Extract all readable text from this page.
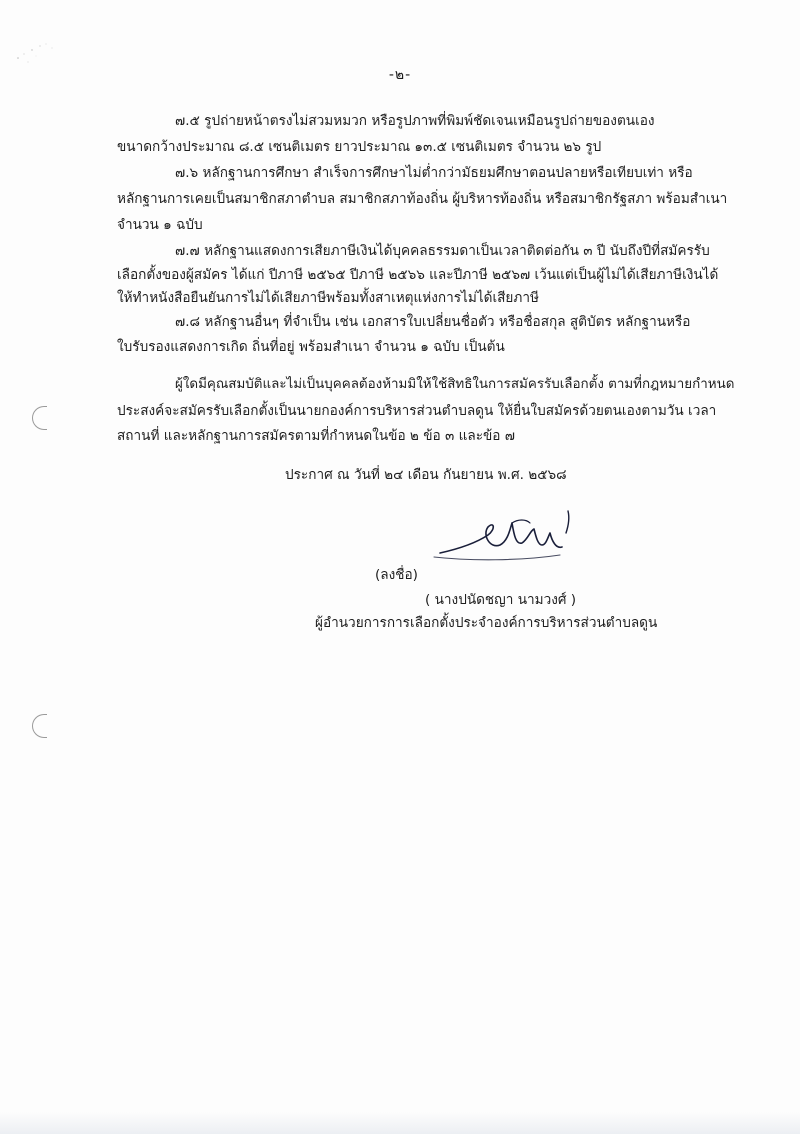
-๒-
๗.๕ รูปถ่ายหน้าตรงไม่สวมหมวก หรือรูปภาพที่พิมพ์ชัดเจนเหมือนรูปถ่ายของตนเอง
ขนาดกว้างประมาณ ๘.๕ เซนติเมตร ยาวประมาณ ๑๓.๕ เซนติเมตร จำนวน ๒๖ รูป
๗.๖ หลักฐานการศึกษา สำเร็จการศึกษาไม่ต่ำกว่ามัธยมศึกษาตอนปลายหรือเทียบเท่า หรือ
หลักฐานการเคยเป็นสมาชิกสภาตำบล สมาชิกสภาท้องถิ่น ผู้บริหารท้องถิ่น หรือสมาชิกรัฐสภา พร้อมสำเนา
จำนวน ๑ ฉบับ
๗.๗ หลักฐานแสดงการเสียภาษีเงินได้บุคคลธรรมดาเป็นเวลาติดต่อกัน ๓ ปี นับถึงปีที่สมัครรับ
เลือกตั้งของผู้สมัคร ได้แก่ ปีภาษี ๒๕๖๕ ปีภาษี ๒๕๖๖ และปีภาษี ๒๕๖๗ เว้นแต่เป็นผู้ไม่ได้เสียภาษีเงินได้
ให้ทำหนังสือยืนยันการไม่ได้เสียภาษีพร้อมทั้งสาเหตุแห่งการไม่ได้เสียภาษี
๗.๘ หลักฐานอื่นๆ ที่จำเป็น เช่น เอกสารใบเปลี่ยนชื่อตัว หรือชื่อสกุล สูติบัตร หลักฐานหรือ
ใบรับรองแสดงการเกิด ถิ่นที่อยู่ พร้อมสำเนา จำนวน ๑ ฉบับ เป็นต้น
ผู้ใดมีคุณสมบัติและไม่เป็นบุคคลต้องห้ามมิให้ใช้สิทธิในการสมัครรับเลือกตั้ง ตามที่กฎหมายกำหนด
ประสงค์จะสมัครรับเลือกตั้งเป็นนายกองค์การบริหารส่วนตำบลดูน ให้ยื่นใบสมัครด้วยตนเองตามวัน เวลา
สถานที่ และหลักฐานการสมัครตามที่กำหนดในข้อ ๒ ข้อ ๓ และข้อ ๗
ประกาศ ณ วันที่ ๒๔ เดือน กันยายน พ.ศ. ๒๕๖๘
(ลงชื่อ)
( นางปนัดชญา นามวงศ์ )
ผู้อำนวยการการเลือกตั้งประจำองค์การบริหารส่วนตำบลดูน
